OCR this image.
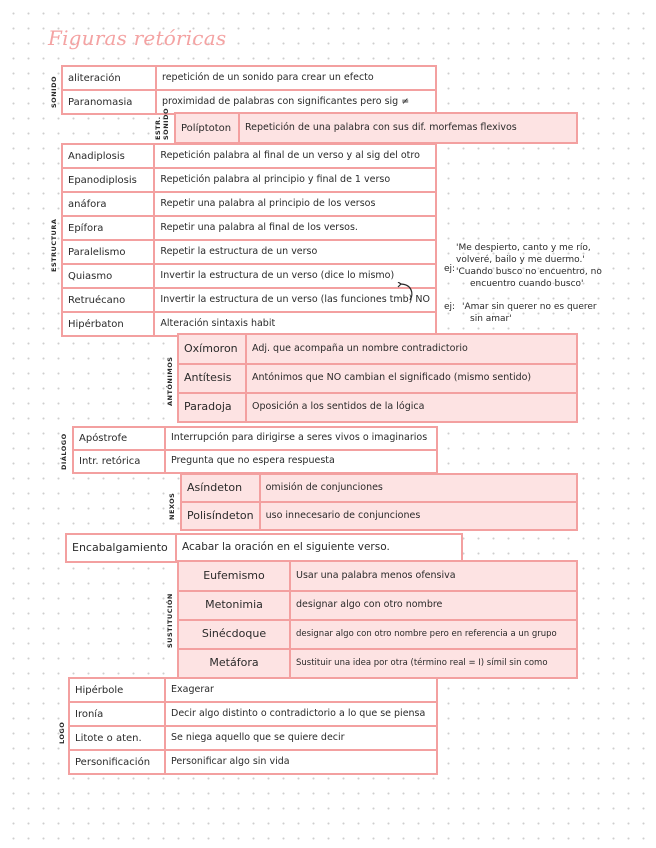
Figuras retóricas
SONIDO aliteración	repetición de un sonido para crear un efecto
Paranomasia	proximidad de palabras con significantes pero sig ≠
ESTR. SONIDO Políptoton	Repetición de una palabra con sus dif. morfemas flexivos
ESTRUCTURA
Anadiplosis	Repetición palabra al final de un verso y al sig del otro
Epanodiplosis	Repetición palabra al principio y final de 1 verso
anáfora	Repetir una palabra al principio de los versos
Epífora	Repetir una palabra al final de los versos.
Paralelismo	Repetir la estructura de un verso
Quiasmo	Invertir la estructura de un verso (dice lo mismo)
Retruécano	Invertir la estructura de un verso (las funciones tmb) NO
Hipérbaton	Alteración sintaxis habit
ej:
'Me despierto, canto y me río,
volveré, bailo y me duermo.'
'Cuando busco no encuentro, no
encuentro cuando busco'
ej: 'Amar sin querer no es querer
sin amar'
ANTÓNIMOS
Oxímoron	Adj. que acompaña un nombre contradictorio
Antítesis	Antónimos que NO cambian el significado (mismo sentido)
Paradoja	Oposición a los sentidos de la lógica
DIÁLOGO Apóstrofe	Interrupción para dirigirse a seres vivos o imaginarios
Intr. retórica	Pregunta que no espera respuesta
NEXOS
Asíndeton	omisión de conjunciones
Polisíndeton	uso innecesario de conjunciones
Encabalgamiento	Acabar la oración en el siguiente verso.
SUSTITUCIÓN
Eufemismo	Usar una palabra menos ofensiva
Metonimia	designar algo con otro nombre
Sinécdoque	designar algo con otro nombre pero en referencia a un grupo
Metáfora	Sustituir una idea por otra (término real = I) símil sin como
LOGO
Hipérbole	Exagerar
Ironía	Decir algo distinto o contradictorio a lo que se piensa
Litote o aten.	Se niega aquello que se quiere decir
Personificación	Personificar algo sin vida
